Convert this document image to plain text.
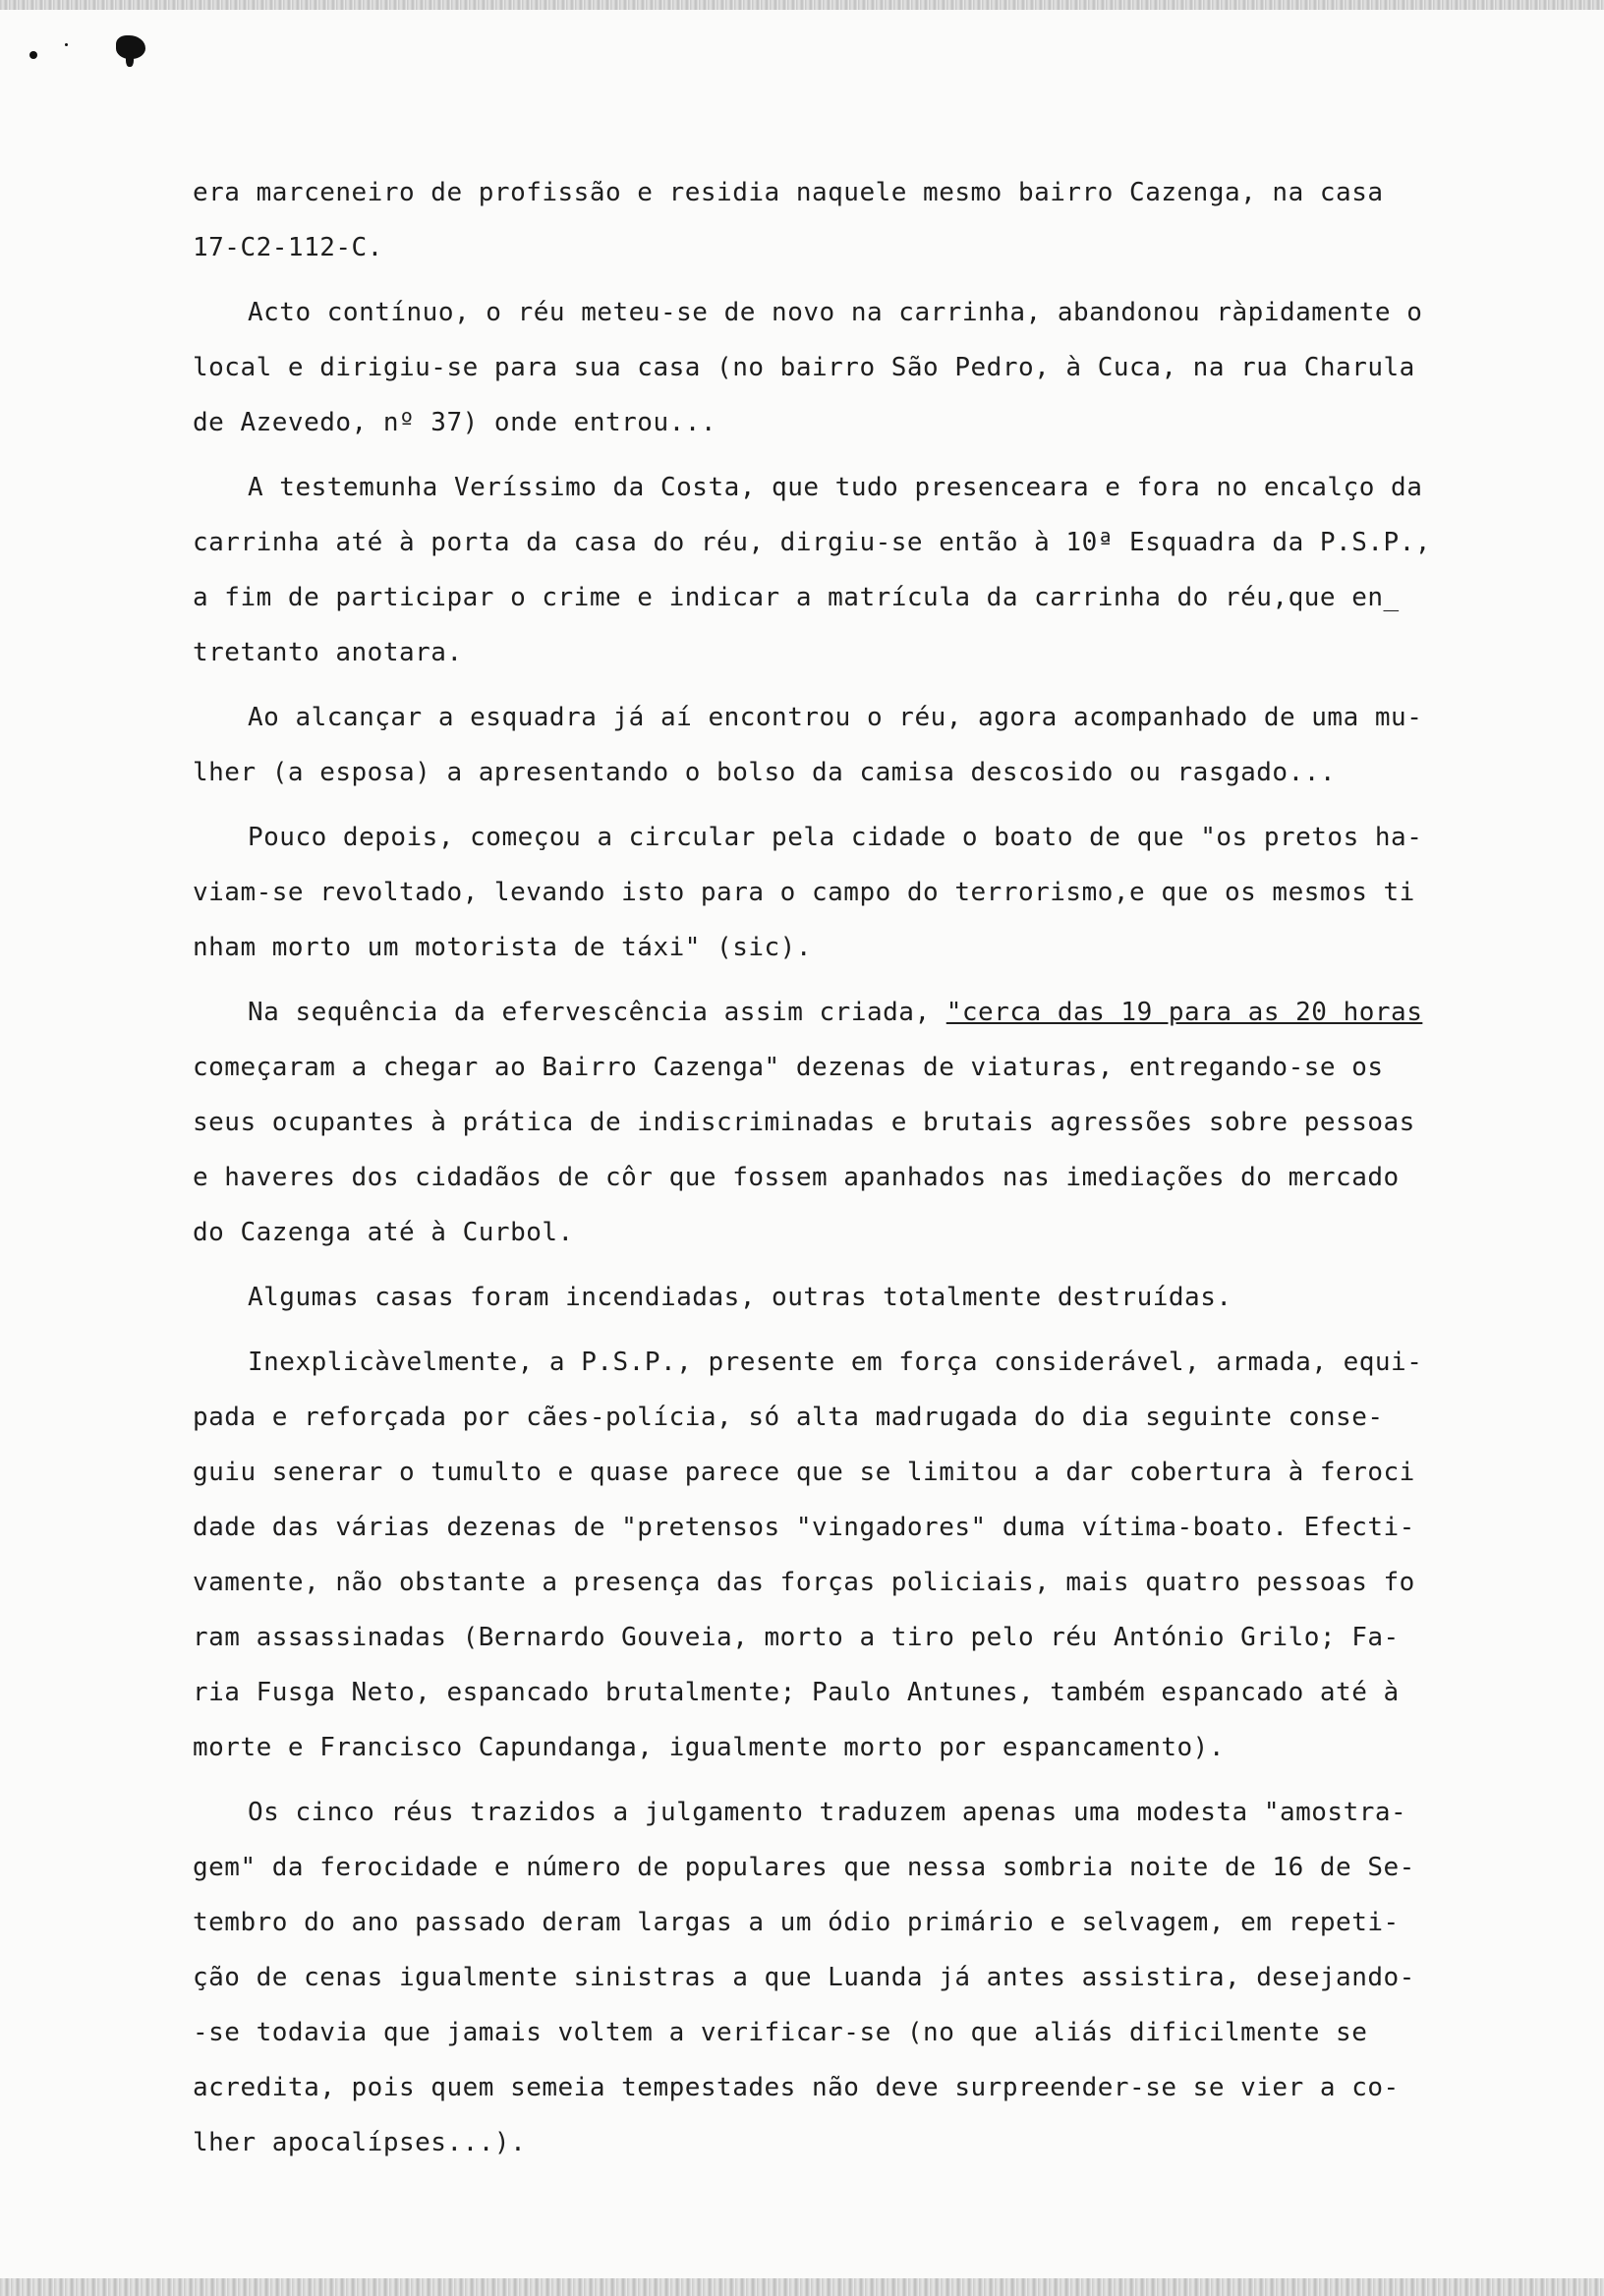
era marceneiro de profissão e residia naquele mesmo bairro Cazenga, na casa
17-C2-112-C.
Acto contínuo, o réu meteu-se de novo na carrinha, abandonou ràpidamente o
local e dirigiu-se para sua casa (no bairro São Pedro, à Cuca, na rua Charula
de Azevedo, nº 37) onde entrou...
A testemunha Veríssimo da Costa, que tudo presenceara e fora no encalço da
carrinha até à porta da casa do réu, dirgiu-se então à 10ª Esquadra da P.S.P.,
a fim de participar o crime e indicar a matrícula da carrinha do réu,que en_
tretanto anotara.
Ao alcançar a esquadra já aí encontrou o réu, agora acompanhado de uma mu-
lher (a esposa) a apresentando o bolso da camisa descosido ou rasgado...
Pouco depois, começou a circular pela cidade o boato de que "os pretos ha-
viam-se revoltado, levando isto para o campo do terrorismo,e que os mesmos ti
nham morto um motorista de táxi" (sic).
Na sequência da efervescência assim criada, "cerca das 19 para as 20 horas
começaram a chegar ao Bairro Cazenga" dezenas de viaturas, entregando-se os
seus ocupantes à prática de indiscriminadas e brutais agressões sobre pessoas
e haveres dos cidadãos de côr que fossem apanhados nas imediações do mercado
do Cazenga até à Curbol.
Algumas casas foram incendiadas, outras totalmente destruídas.
Inexplicàvelmente, a P.S.P., presente em força considerável, armada, equi-
pada e reforçada por cães-polícia, só alta madrugada do dia seguinte conse-
guiu senerar o tumulto e quase parece que se limitou a dar cobertura à feroci
dade das várias dezenas de "pretensos "vingadores" duma vítima-boato. Efecti-
vamente, não obstante a presença das forças policiais, mais quatro pessoas fo
ram assassinadas (Bernardo Gouveia, morto a tiro pelo réu António Grilo; Fa-
ria Fusga Neto, espancado brutalmente; Paulo Antunes, também espancado até à
morte e Francisco Capundanga, igualmente morto por espancamento).
Os cinco réus trazidos a julgamento traduzem apenas uma modesta "amostra-
gem" da ferocidade e número de populares que nessa sombria noite de 16 de Se-
tembro do ano passado deram largas a um ódio primário e selvagem, em repeti-
ção de cenas igualmente sinistras a que Luanda já antes assistira, desejando-
-se todavia que jamais voltem a verificar-se (no que aliás dificilmente se
acredita, pois quem semeia tempestades não deve surpreender-se se vier a co-
lher apocalípses...).
